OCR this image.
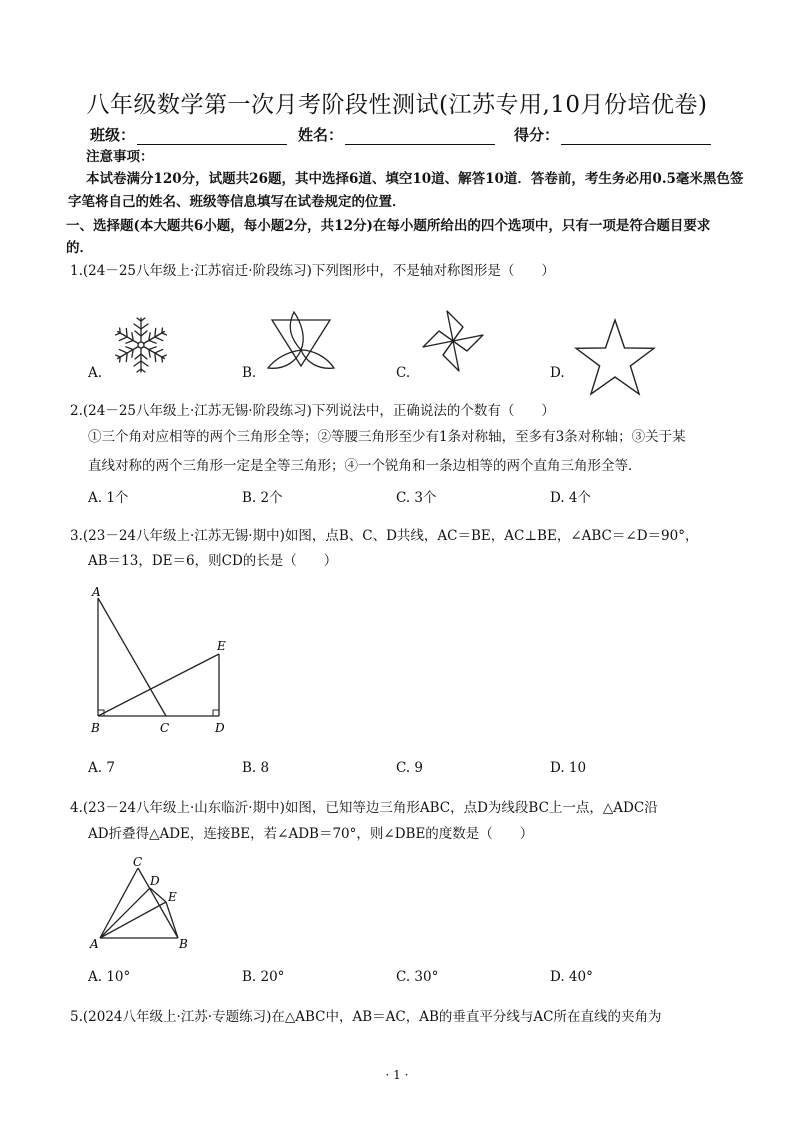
八年级数学第一次月考阶段性测试(江苏专用,10月份培优卷)
班级：	姓名：	得分：
注意事项：
本试卷满分120分，试题共26题，其中选择6道、填空10道、解答10道．答卷前，考生务必用0.5毫米黑色签
字笔将自己的姓名、班级等信息填写在试卷规定的位置．
一、选择题(本大题共6小题，每小题2分，共12分)在每小题所给出的四个选项中，只有一项是符合题目要求
的．
1.(24－25八年级上·江苏宿迁·阶段练习)下列图形中，不是轴对称图形是（　　）
A.	B.	C.	D.
2.(24－25八年级上·江苏无锡·阶段练习)下列说法中，正确说法的个数有（　　）
①三个角对应相等的两个三角形全等；②等腰三角形至少有1条对称轴，至多有3条对称轴；③关于某
直线对称的两个三角形一定是全等三角形；④一个锐角和一条边相等的两个直角三角形全等．
A. 1个	B. 2个	C. 3个	D. 4个
3.(23－24八年级上·江苏无锡·期中)如图，点B、C、D共线，AC＝BE，AC⊥BE，∠ABC＝∠D＝90°，
AB＝13，DE＝6，则CD的长是（　　）
A
B	C	D
E
A. 7	B. 8	C. 9	D. 10
4.(23－24八年级上·山东临沂·期中)如图，已知等边三角形ABC，点D为线段BC上一点，△ADC沿
AD折叠得△ADE，连接BE，若∠ADB＝70°，则∠DBE的度数是（　　）
C
D
E
A	B
A. 10°	B. 20°	C. 30°	D. 40°
5.(2024八年级上·江苏·专题练习)在△ABC中，AB＝AC，AB的垂直平分线与AC所在直线的夹角为
· 1 ·
